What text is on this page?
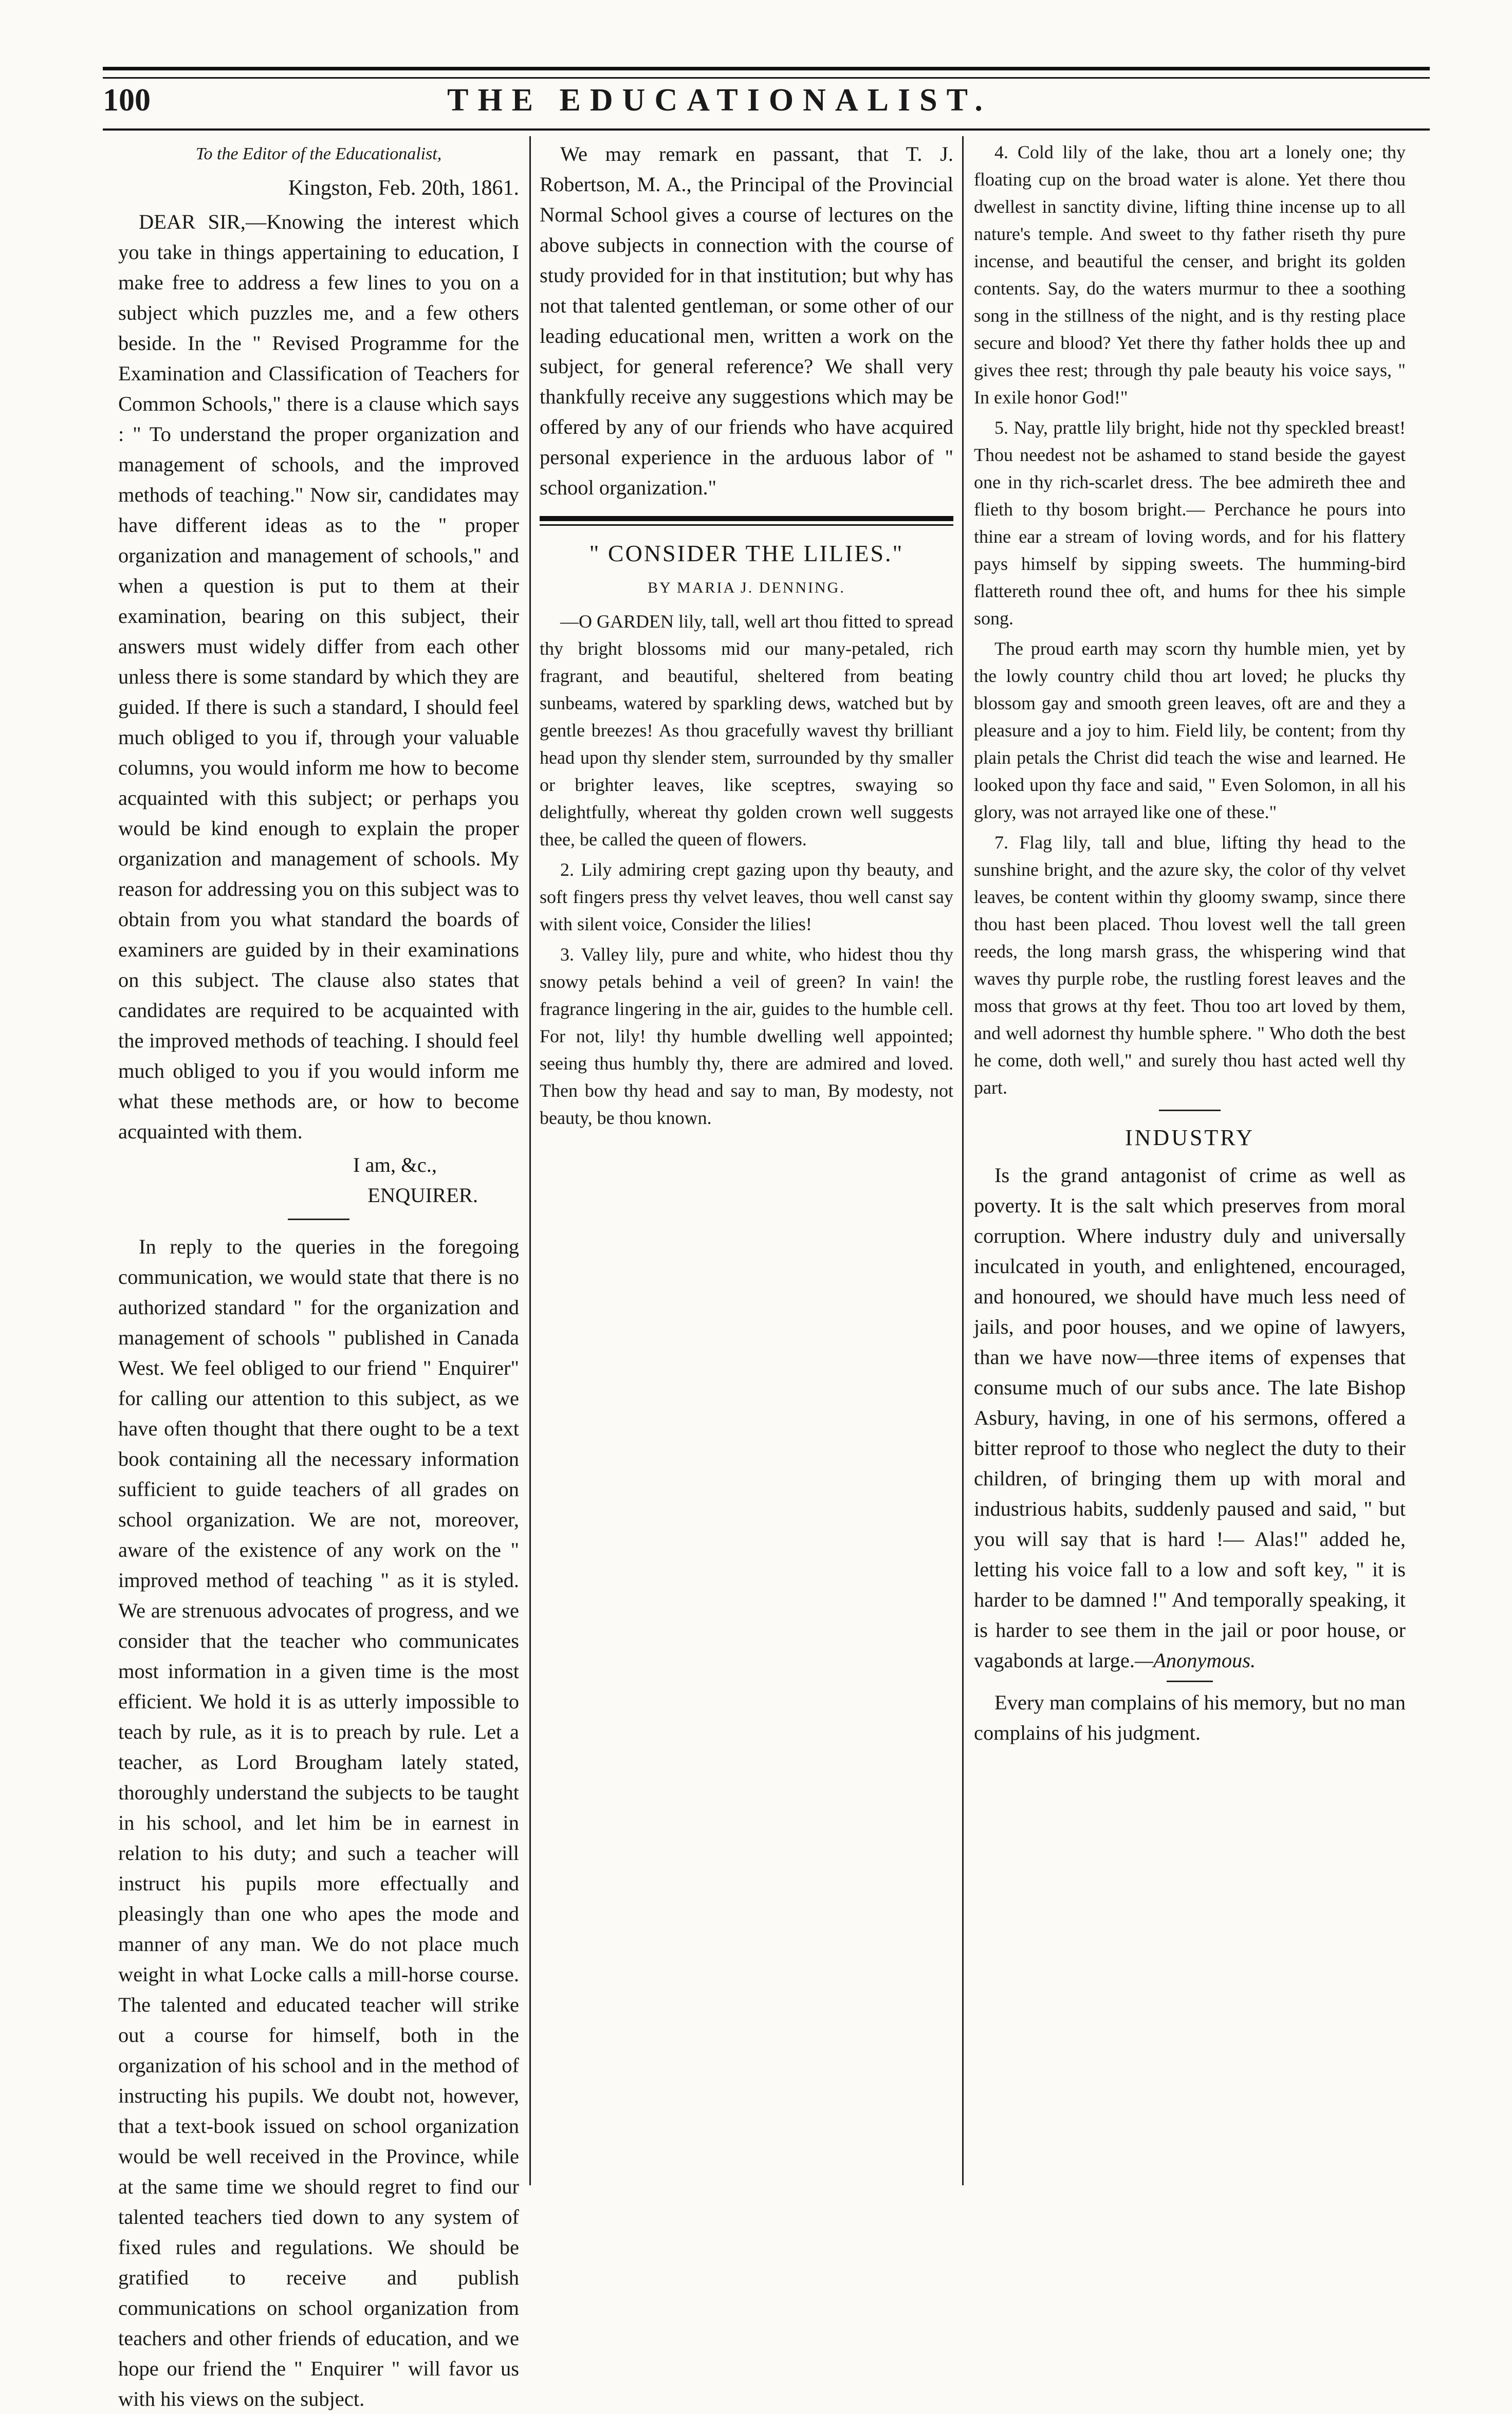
100	THE EDUCATIONALIST.

To the Editor of the Educationalist,

Kingston, Feb. 20th, 1861.

DEAR SIR,—Knowing the interest which you take in things appertaining to education, I make free to address a few lines to you on a subject which puzzles me, and a few others beside. In the " Revised Programme for the Examination and Classification of Teachers for Common Schools," there is a clause which says : " To understand the proper organization and management of schools, and the improved methods of teaching." Now sir, candidates may have different ideas as to the " proper organization and management of schools," and when a question is put to them at their examination, bearing on this subject, their answers must widely differ from each other unless there is some standard by which they are guided. If there is such a standard, I should feel much obliged to you if, through your valuable columns, you would inform me how to become acquainted with this subject; or perhaps you would be kind enough to explain the proper organization and management of schools. My reason for addressing you on this subject was to obtain from you what standard the boards of examiners are guided by in their examinations on this subject. The clause also states that candidates are required to be acquainted with the improved methods of teaching. I should feel much obliged to you if you would inform me what these methods are, or how to become acquainted with them.

I am, &c.,

ENQUIRER.

In reply to the queries in the foregoing communication, we would state that there is no authorized standard " for the organization and management of schools " published in Canada West. We feel obliged to our friend " Enquirer" for calling our attention to this subject, as we have often thought that there ought to be a text book containing all the necessary information sufficient to guide teachers of all grades on school organization. We are not, moreover, aware of the existence of any work on the " improved method of teaching " as it is styled. We are strenuous advocates of progress, and we consider that the teacher who communicates most information in a given time is the most efficient. We hold it is as utterly impossible to teach by rule, as it is to preach by rule. Let a teacher, as Lord Brougham lately stated, thoroughly understand the subjects to be taught in his school, and let him be in earnest in relation to his duty; and such a teacher will instruct his pupils more effectually and pleasingly than one who apes the mode and manner of any man. We do not place much weight in what Locke calls a mill-horse course. The talented and educated teacher will strike out a course for himself, both in the organization of his school and in the method of instructing his pupils. We doubt not, however, that a text-book issued on school organization would be well received in the Province, while at the same time we should regret to find our talented teachers tied down to any system of fixed rules and regulations. We should be gratified to receive and publish communications on school organization from teachers and other friends of education, and we hope our friend the " Enquirer " will favor us with his views on the subject.

We may remark en passant, that T. J. Robertson, M. A., the Principal of the Provincial Normal School gives a course of lectures on the above subjects in connection with the course of study provided for in that institution; but why has not that talented gentleman, or some other of our leading educational men, written a work on the subject, for general reference? We shall very thankfully receive any suggestions which may be offered by any of our friends who have acquired personal experience in the arduous labor of " school organization."

" CONSIDER THE LILIES."

BY MARIA J. DENNING.

—O GARDEN lily, tall, well art thou fitted to spread thy bright blossoms mid our many-petaled, rich fragrant, and beautiful, sheltered from beating sunbeams, watered by sparkling dews, watched but by gentle breezes! As thou gracefully wavest thy brilliant head upon thy slender stem, surrounded by thy smaller or brighter leaves, like sceptres, swaying so delightfully, whereat thy golden crown well suggests thee, be called the queen of flowers.

2. Lily admiring crept gazing upon thy beauty, and soft fingers press thy velvet leaves, thou well canst say with silent voice, Consider the lilies!

3. Valley lily, pure and white, who hidest thou thy snowy petals behind a veil of green? In vain! the fragrance lingering in the air, guides to the humble cell. For not, lily! thy humble dwelling well appointed; seeing thus humbly thy, there are admired and loved. Then bow thy head and say to man, By modesty, not beauty, be thou known.

4. Cold lily of the lake, thou art a lonely one; thy floating cup on the broad water is alone. Yet there thou dwellest in sanctity divine, lifting thine incense up to all nature's temple. And sweet to thy father riseth thy pure incense, and beautiful the censer, and bright its golden contents. Say, do the waters murmur to thee a soothing song in the stillness of the night, and is thy resting place secure and blood? Yet there thy father holds thee up and gives thee rest; through thy pale beauty his voice says, " In exile honor God!"

5. Nay, prattle lily bright, hide not thy speckled breast! Thou needest not be ashamed to stand beside the gayest one in thy rich-scarlet dress. The bee admireth thee and flieth to thy bosom bright.— Perchance he pours into thine ear a stream of loving words, and for his flattery pays himself by sipping sweets. The humming-bird flattereth round thee oft, and hums for thee his simple song.

The proud earth may scorn thy humble mien, yet by the lowly country child thou art loved; he plucks thy blossom gay and smooth green leaves, oft are and they a pleasure and a joy to him. Field lily, be content; from thy plain petals the Christ did teach the wise and learned. He looked upon thy face and said, " Even Solomon, in all his glory, was not arrayed like one of these."

7. Flag lily, tall and blue, lifting thy head to the sunshine bright, and the azure sky, the color of thy velvet leaves, be content within thy gloomy swamp, since there thou hast been placed. Thou lovest well the tall green reeds, the long marsh grass, the whispering wind that waves thy purple robe, the rustling forest leaves and the moss that grows at thy feet. Thou too art loved by them, and well adornest thy humble sphere. " Who doth the best he come, doth well," and surely thou hast acted well thy part.

INDUSTRY

Is the grand antagonist of crime as well as poverty. It is the salt which preserves from moral corruption. Where industry duly and universally inculcated in youth, and enlightened, encouraged, and honoured, we should have much less need of jails, and poor houses, and we opine of lawyers, than we have now—three items of expenses that consume much of our subs ance. The late Bishop Asbury, having, in one of his sermons, offered a bitter reproof to those who neglect the duty to their children, of bringing them up with moral and industrious habits, suddenly paused and said, " but you will say that is hard !— Alas!" added he, letting his voice fall to a low and soft key, " it is harder to be damned !" And temporally speaking, it is harder to see them in the jail or poor house, or vagabonds at large.—Anonymous.

Every man complains of his memory, but no man complains of his judgment.
